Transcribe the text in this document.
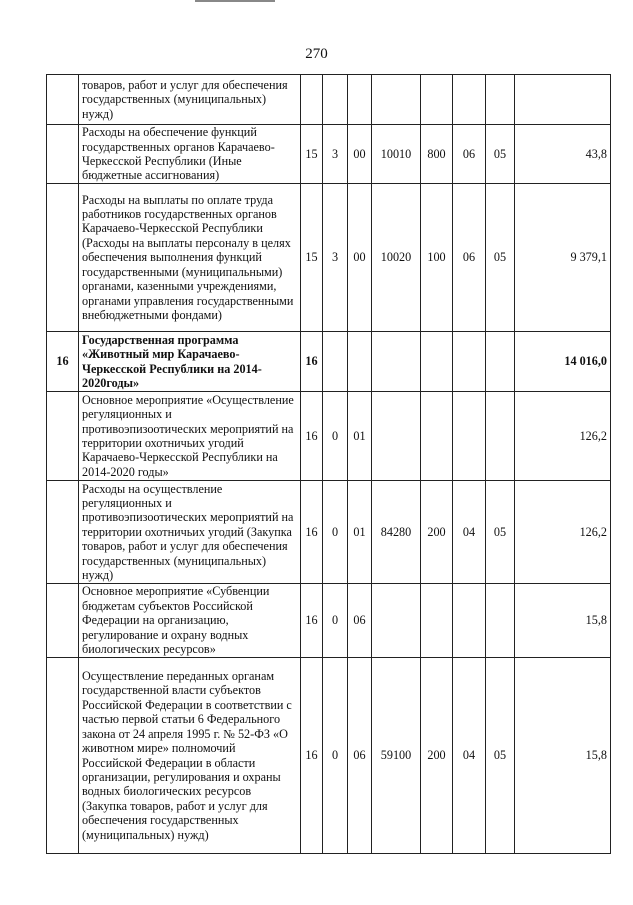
270
	товаров, работ и услуг для обеспечения государственных (муниципальных) нужд)								
	Расходы на обеспечение функций государственных органов Карачаево-Черкесской Республики (Иные бюджетные ассигнования)	15	3	00	10010	800	06	05	43,8
	Расходы на выплаты по оплате труда работников государственных органов Карачаево-Черкесской Республики (Расходы на выплаты персоналу в целях обеспечения выполнения функций государственными (муниципальными) органами, казенными учреждениями, органами управления государственными внебюджетными фондами)	15	3	00	10020	100	06	05	9 379,1
16	Государственная программа «Животный мир Карачаево-Черкесской Республики на 2014-2020годы»	16							14 016,0
	Основное мероприятие «Осуществление регуляционных и противоэпизоотических мероприятий на территории охотничьих угодий Карачаево-Черкесской Республики на 2014-2020 годы»	16	0	01					126,2
	Расходы на осуществление регуляционных и противоэпизоотических мероприятий на территории охотничьих угодий (Закупка товаров, работ и услуг для обеспечения государственных (муниципальных) нужд)	16	0	01	84280	200	04	05	126,2
	Основное мероприятие «Субвенции бюджетам субъектов Российской Федерации на организацию, регулирование и охрану водных биологических ресурсов»	16	0	06					15,8
	Осуществление переданных органам государственной власти субъектов Российской Федерации в соответствии с частью первой статьи 6 Федерального закона от 24 апреля 1995 г. № 52-ФЗ «О животном мире» полномочий Российской Федерации в области организации, регулирования и охраны водных биологических ресурсов (Закупка товаров, работ и услуг для обеспечения государственных (муниципальных) нужд)	16	0	06	59100	200	04	05	15,8
